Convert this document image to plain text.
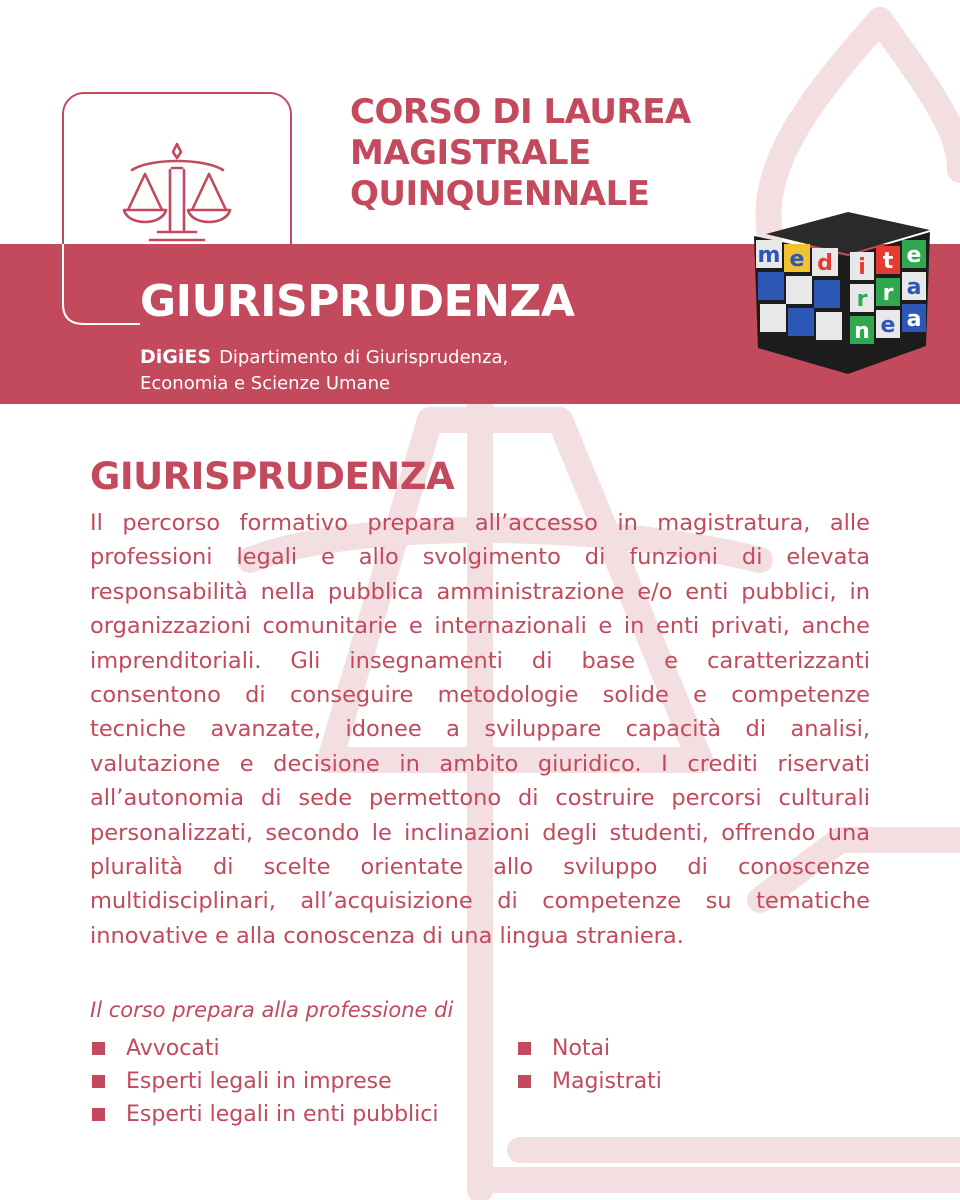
CORSO DI LAUREA
MAGISTRALE
QUINQUENNALE
GIURISPRUDENZA
DiGiES Dipartimento di Giurisprudenza,
Economia e Scienze Umane
m e d i t e
r r a
n e a
GIURISPRUDENZA

Il percorso formativo prepara all’accesso in magistratura, alle professioni legali e allo svolgimento di funzioni di elevata responsabilità nella pubblica amministrazione e/o enti pubblici, in organizzazioni comunitarie e internazionali e in enti privati, anche imprenditoriali. Gli insegnamenti di base e caratterizzanti consentono di conseguire metodologie solide e competenze tecniche avanzate, idonee a sviluppare capacità di analisi, valutazione e decisione in ambito giuridico. I crediti riservati all’autonomia di sede permettono di costruire percorsi culturali personalizzati, secondo le inclinazioni degli studenti, offrendo una pluralità di scelte orientate allo sviluppo di conoscenze multidisciplinari, all’acquisizione di competenze su tematiche innovative e alla conoscenza di una lingua straniera.

Il corso prepara alla professione di

Avvocati
Esperti legali in imprese
Esperti legali in enti pubblici
Notai
Magistrati
